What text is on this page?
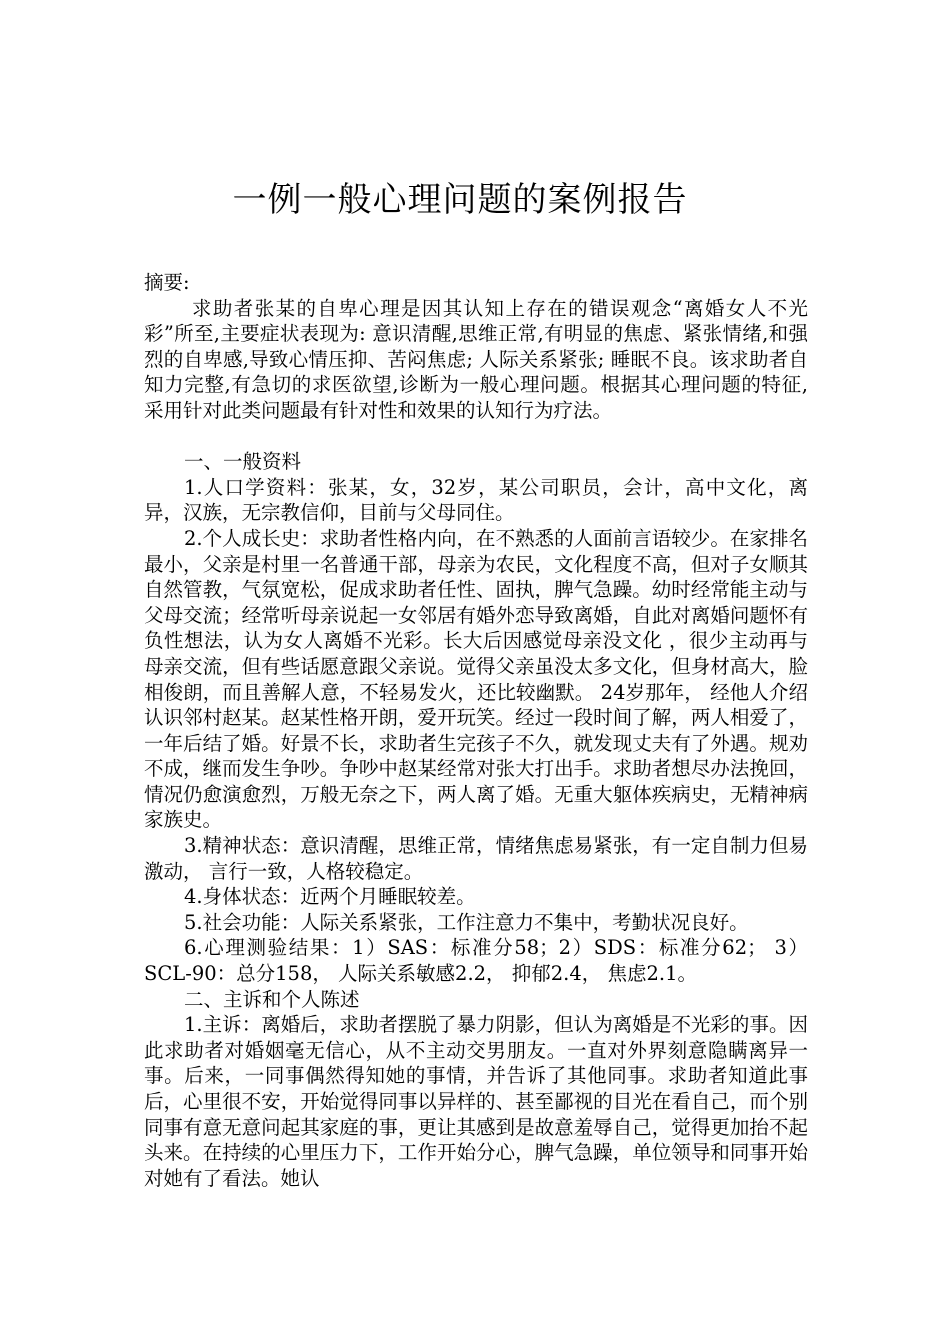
一例一般心理问题的案例报告

摘要:

求助者张某的自卑心理是因其认知上存在的错误观念“离婚女人不光彩”所至,主要症状表现为: 意识清醒,思维正常,有明显的焦虑、紧张情绪,和强烈的自卑感,导致心情压抑、苦闷焦虑; 人际关系紧张; 睡眠不良。该求助者自知力完整,有急切的求医欲望,诊断为一般心理问题。根据其心理问题的特征, 采用针对此类问题最有针对性和效果的认知行为疗法。

一、一般资料

1.人口学资料：张某，女，32岁，某公司职员，会计，高中文化，离异，汉族，无宗教信仰，目前与父母同住。

2.个人成长史：求助者性格内向，在不熟悉的人面前言语较少。在家排名最小，父亲是村里一名普通干部，母亲为农民，文化程度不高，但对子女顺其自然管教，气氛宽松，促成求助者任性、固执，脾气急躁。幼时经常能主动与父母交流；经常听母亲说起一女邻居有婚外恋导致离婚，自此对离婚问题怀有负性想法，认为女人离婚不光彩。长大后因感觉母亲没文化 ，很少主动再与母亲交流，但有些话愿意跟父亲说。觉得父亲虽没太多文化，但身材高大，脸相俊朗，而且善解人意，不轻易发火，还比较幽默。 24岁那年， 经他人介绍认识邻村赵某。赵某性格开朗，爱开玩笑。经过一段时间了解，两人相爱了，一年后结了婚。好景不长，求助者生完孩子不久，就发现丈夫有了外遇。规劝不成，继而发生争吵。争吵中赵某经常对张大打出手。求助者想尽办法挽回，情况仍愈演愈烈，万般无奈之下，两人离了婚。无重大躯体疾病史，无精神病家族史。

3.精神状态：意识清醒，思维正常，情绪焦虑易紧张，有一定自制力但易激动， 言行一致，人格较稳定。

4.身体状态：近两个月睡眠较差。

5.社会功能：人际关系紧张，工作注意力不集中，考勤状况良好。

6.心理测验结果：1）SAS：标准分58；2）SDS：标准分62； 3）SCL-90：总分158， 人际关系敏感2.2， 抑郁2.4， 焦虑2.1。

二、主诉和个人陈述

1.主诉：离婚后，求助者摆脱了暴力阴影，但认为离婚是不光彩的事。因此求助者对婚姻毫无信心，从不主动交男朋友。一直对外界刻意隐瞒离异一事。后来，一同事偶然得知她的事情，并告诉了其他同事。求助者知道此事后，心里很不安，开始觉得同事以异样的、甚至鄙视的目光在看自己，而个别同事有意无意问起其家庭的事，更让其感到是故意羞辱自己，觉得更加抬不起头来。在持续的心里压力下，工作开始分心，脾气急躁，单位领导和同事开始对她有了看法。她认
